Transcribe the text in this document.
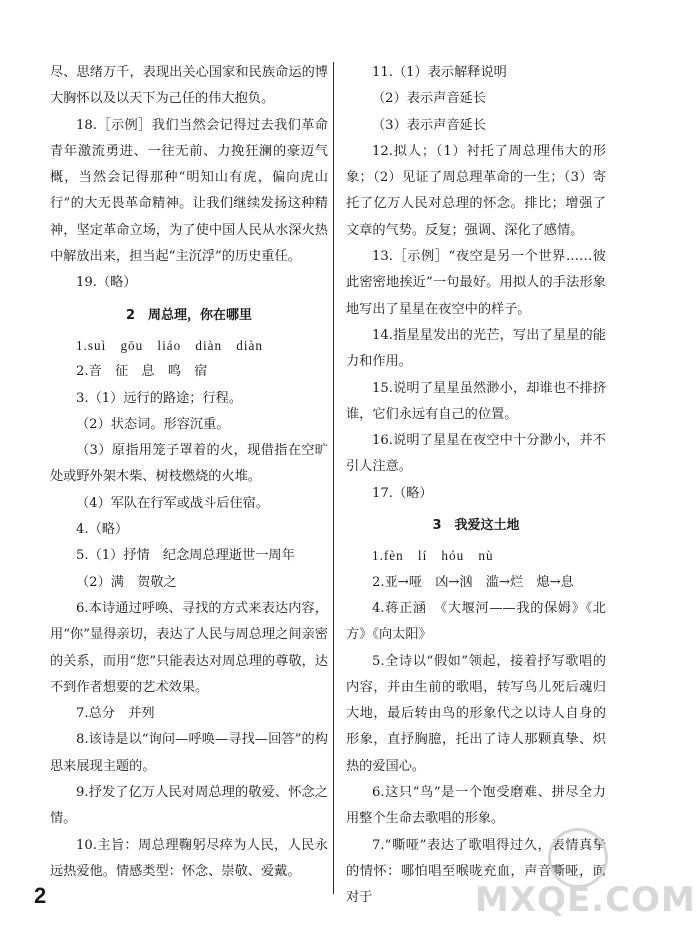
尽、思绪万千，表现出关心国家和民族命运的博大胸怀以及以天下为己任的伟大抱负。
18.［示例］我们当然会记得过去我们革命青年激流勇进、一往无前、力挽狂澜的豪迈气概，当然会记得那种“明知山有虎，偏向虎山行”的大无畏革命精神。让我们继续发扬这种精神，坚定革命立场，为了使中国人民从水深火热中解放出来，担当起“主沉浮”的历史重任。
19.（略）
2　周总理，你在哪里
1.suì　gōu　liáo　diàn　diàn
2.音　征　息　鸣　宿
3.（1）远行的路途；行程。
（2）状态词。形容沉重。
（3）原指用笼子罩着的火，现借指在空旷处或野外架木柴、树枝燃烧的火堆。
（4）军队在行军或战斗后住宿。
4.（略）
5.（1）抒情　纪念周总理逝世一周年
（2）满　贺敬之
6.本诗通过呼唤、寻找的方式来表达内容，用“你”显得亲切，表达了人民与周总理之间亲密的关系，而用“您”只能表达对周总理的尊敬，达不到作者想要的艺术效果。
7.总分　并列
8.该诗是以“询问—呼唤—寻找—回答”的构思来展现主题的。
9.抒发了亿万人民对周总理的敬爱、怀念之情。
10.主旨：周总理鞠躬尽瘁为人民，人民永远热爱他。情感类型：怀念、崇敬、爱戴。
11.（1）表示解释说明
（2）表示声音延长
（3）表示声音延长
12.拟人；（1）衬托了周总理伟大的形象；（2）见证了周总理革命的一生；（3）寄托了亿万人民对总理的怀念。排比；增强了文章的气势。反复；强调、深化了感情。
13.［示例］“夜空是另一个世界……彼此密密地挨近”一句最好。用拟人的手法形象地写出了星星在夜空中的样子。
14.指星星发出的光芒，写出了星星的能力和作用。
15.说明了星星虽然渺小，却谁也不排挤谁，它们永远有自己的位置。
16.说明了星星在夜空中十分渺小，并不引人注意。
17.（略）
3　我爱这土地
1.fèn　lí　hóu　nù
2.亚→哑　凶→汹　滥→烂　熄→息
4.蒋正涵　《大堰河——我的保姆》《北方》《向太阳》
5.全诗以“假如”领起，接着抒写歌唱的内容，并由生前的歌唱，转写鸟儿死后魂归大地，最后转由鸟的形象代之以诗人自身的形象，直抒胸臆，托出了诗人那颗真挚、炽热的爱国心。
6.这只“鸟”是一个饱受磨难、拼尽全力用整个生命去歌唱的形象。
7.“嘶哑”表达了歌唱得过久，表情真挚的情怀：哪怕唱至喉咙充血，声音嘶哑，面对于
2	MXQE.COM
